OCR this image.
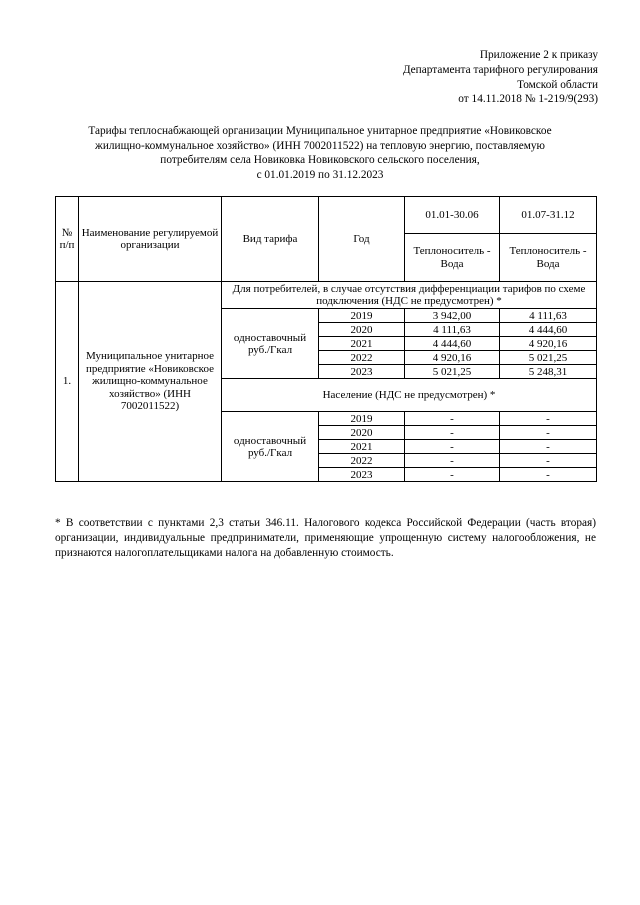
Приложение 2 к приказу
Департамента тарифного регулирования
Томской области
от 14.11.2018 № 1-219/9(293)
Тарифы теплоснабжающей организации Муниципальное унитарное предприятие «Новиковское
жилищно-коммунальное хозяйство» (ИНН 7002011522) на тепловую энергию, поставляемую
потребителям села Новиковка Новиковского сельского поселения,
с 01.01.2019 по 31.12.2023
№ п/п	Наименование регулируемой организации	Вид тарифа	Год	01.01-30.06	01.07-31.12
				Теплоноситель - Вода	Теплоноситель - Вода
1.	Муниципальное унитарное предприятие «Новиковское жилищно-коммунальное хозяйство» (ИНН 7002011522)	Для потребителей, в случае отсутствия дифференциации тарифов по схеме подключения (НДС не предусмотрен) *			
		одноставочный руб./Гкал	2019	3 942,00	4 111,63
			2020	4 111,63	4 444,60
			2021	4 444,60	4 920,16
			2022	4 920,16	5 021,25
			2023	5 021,25	5 248,31
		Население (НДС не предусмотрен) *			
		одноставочный руб./Гкал	2019	-	-
			2020	-	-
			2021	-	-
			2022	-	-
			2023	-	-
* В соответствии с пунктами 2,3 статьи 346.11. Налогового кодекса Российской Федерации (часть вторая) организации, индивидуальные предприниматели, применяющие упрощенную систему налогообложения, не признаются налогоплательщиками налога на добавленную стоимость.
